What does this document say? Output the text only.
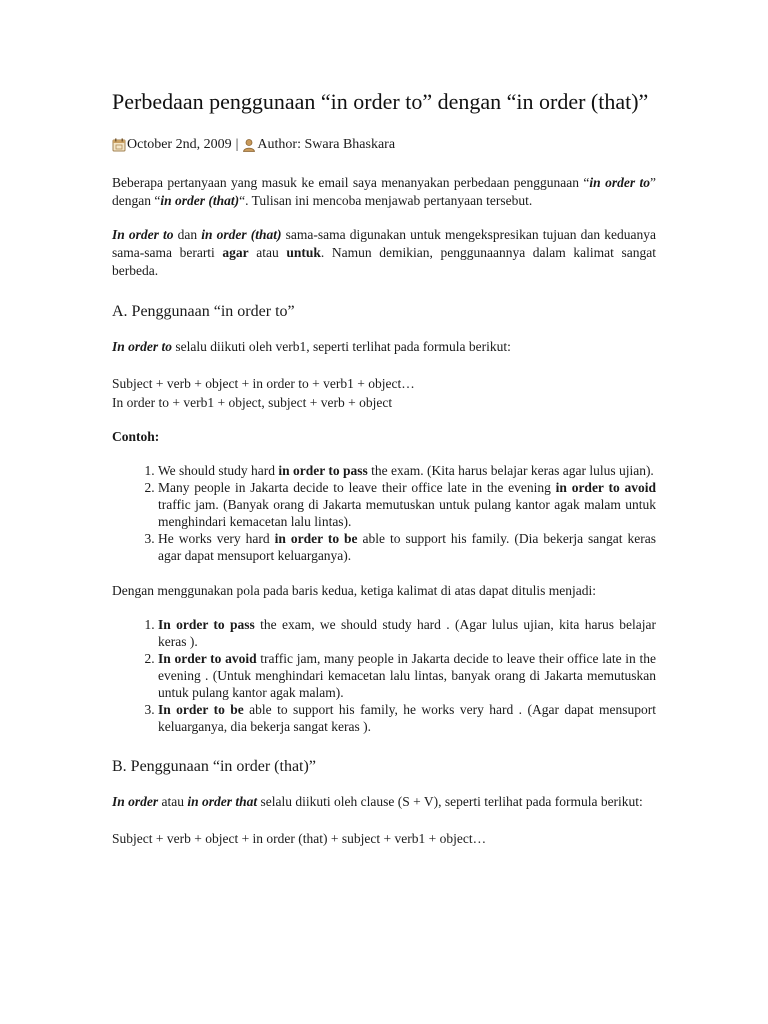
Perbedaan penggunaan “in order to” dengan “in order (that)”
October 2nd, 2009 | Author:
Swara Bhaskara

Beberapa pertanyaan yang masuk ke email saya menanyakan perbedaan penggunaan “in order to” dengan “in order (that)“. Tulisan ini mencoba menjawab pertanyaan tersebut.

In order to dan in order (that) sama-sama digunakan untuk mengekspresikan tujuan dan keduanya sama-sama berarti agar atau untuk. Namun demikian, penggunaannya dalam kalimat sangat berbeda.

A. Penggunaan “in order to”

In order to selalu diikuti oleh verb1, seperti terlihat pada formula berikut:

Subject + verb + object + in order to + verb1 + object…

In order to + verb1 + object, subject + verb + object

Contoh:

1. We should study hard in order to pass the exam. (Kita harus belajar keras agar lulus ujian).
2. Many people in Jakarta decide to leave their office late in the evening in order to avoid traffic jam. (Banyak orang di Jakarta memutuskan untuk pulang kantor agak malam untuk menghindari kemacetan lalu lintas).
3. He works very hard in order to be able to support his family. (Dia bekerja sangat keras agar dapat mensuport keluarganya).

Dengan menggunakan pola pada baris kedua, ketiga kalimat di atas dapat ditulis menjadi:

1. In order to pass the exam, we should study hard . (Agar lulus ujian, kita harus belajar keras ).
2. In order to avoid traffic jam, many people in Jakarta decide to leave their office late in the evening . (Untuk menghindari kemacetan lalu lintas, banyak orang di Jakarta memutuskan untuk pulang kantor agak malam).
3. In order to be able to support his family, he works very hard . (Agar dapat mensuport keluarganya, dia bekerja sangat keras ).
B. Penggunaan “in order (that)”

In order atau in order that selalu diikuti oleh clause (S + V), seperti terlihat pada formula berikut:

Subject + verb + object + in order (that) + subject + verb1 + object…
